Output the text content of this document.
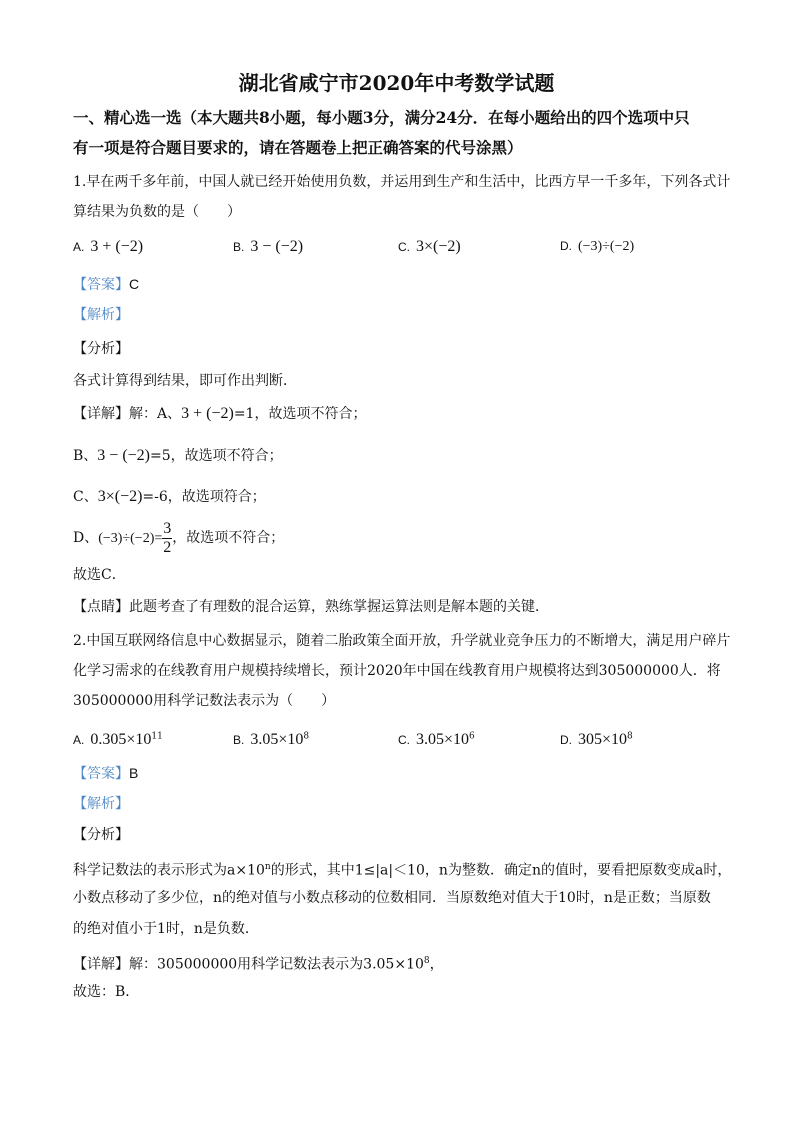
湖北省咸宁市2020年中考数学试题
一、精心选一选（本大题共8小题，每小题3分，满分24分．在每小题给出的四个选项中只
有一项是符合题目要求的，请在答题卷上把正确答案的代号涂黑）
1.早在两千多年前，中国人就已经开始使用负数，并运用到生产和生活中，比西方早一千多年，下列各式计
算结果为负数的是（　　）
A. 3 + (−2)	B. 3 − (−2)	C. 3×(−2)	D. (−3)÷(−2)
【答案】C
【解析】
【分析】
各式计算得到结果，即可作出判断．
【详解】解：A、3 + (−2)=1，故选项不符合；
B、3 − (−2)=5，故选项不符合；
C、3×(−2)=-6，故选项符合；
D、$(-3)\div(-2)= \frac{3}{2}$ ，故选项不符合；
故选C．
【点睛】此题考查了有理数的混合运算，熟练掌握运算法则是解本题的关键．
2.中国互联网络信息中心数据显示，随着二胎政策全面开放，升学就业竞争压力的不断增大，满足用户碎片
化学习需求的在线教育用户规模持续增长，预计2020年中国在线教育用户规模将达到305000000人．将
305000000用科学记数法表示为（　　）
A. $0.305\times 10^{11}$	B. $3.05\times 10^8$	C. $3.05\times 10^6$	D. $305\times 10^8$
【答案】B
【解析】
【分析】
科学记数法的表示形式为$a\times 10^n$的形式，其中1≤|a|＜10，n为整数．确定n的值时，要看把原数变成a时，
小数点移动了多少位，n的绝对值与小数点移动的位数相同．当原数绝对值大于10时，n是正数；当原数
的绝对值小于1时，n是负数．
【详解】解：305000000用科学记数法表示为$3.05\times 10^8$，
故选：B．
